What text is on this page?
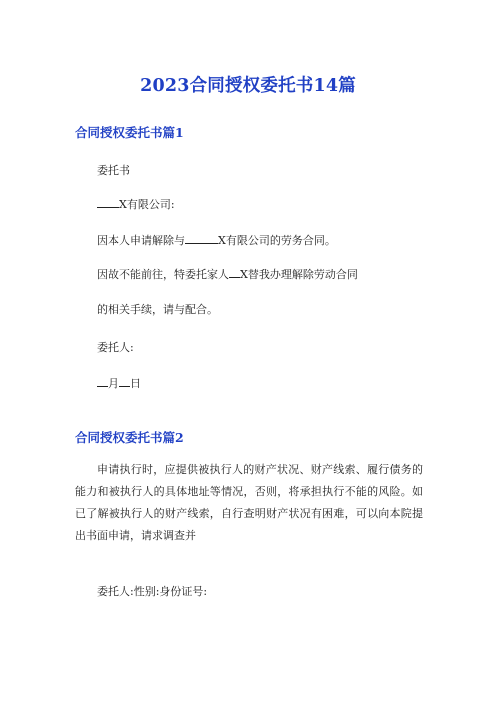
2023合同授权委托书14篇
合同授权委托书篇1
委托书
X有限公司:
因本人申请解除与	X有限公司的劳务合同。
因故不能前往，特委托家人 X替我办理解除劳动合同
的相关手续，请与配合。
委托人:
月 日
合同授权委托书篇2
申请执行时，应提供被执行人的财产状况、财产线索、履行债务的能力和被执行人的具体地址等情况，否则，将承担执行不能的风险。如已了解被执行人的财产线索，自行查明财产状况有困难，可以向本院提出书面申请，请求调查并
委托人:性别:身份证号:
